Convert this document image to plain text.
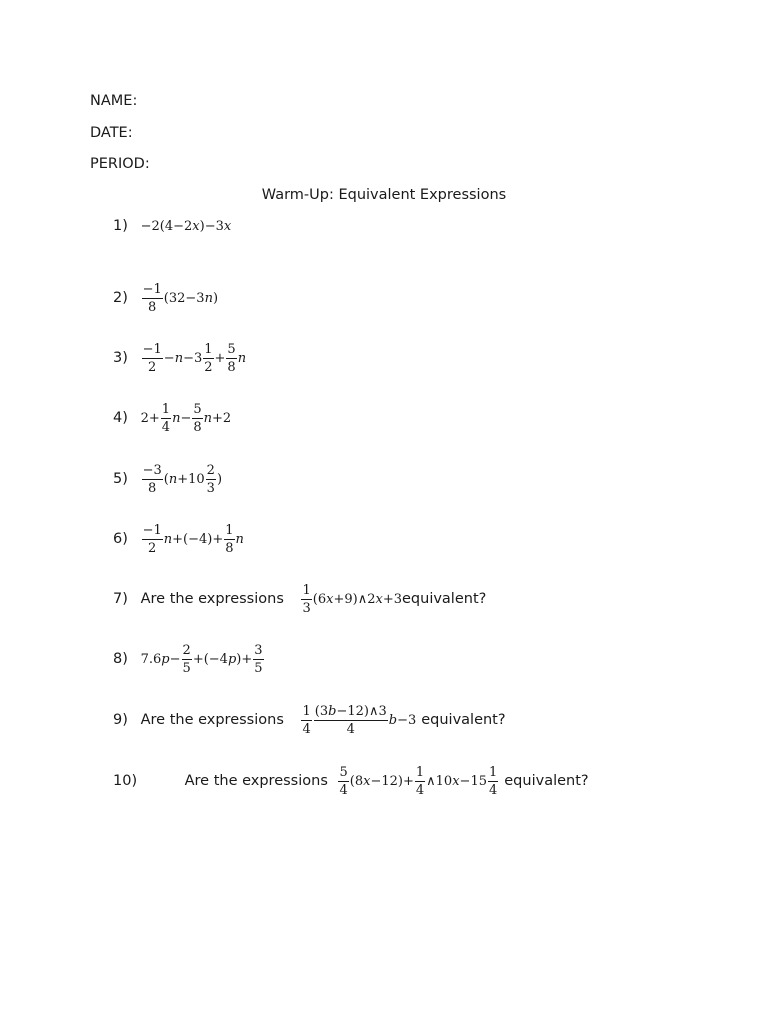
NAME:
DATE:
PERIOD:
Warm-Up: Equivalent Expressions
1) −2(4−2x)−3x
$2) \frac{-1}{8} (32-3n)$
$3) \frac{-1}{2} -n-3 \frac{1}{2} + \frac{5}{8}$ n
4) $2+ \frac{1}{4} n- \frac{5}{8} n+2$
$5) \frac{-3}{8} (n+10 \frac{2}{3}$ )
$6) \frac{-1}{2} n+(-4)+ \frac{1}{8}$ n
7) Are the expressions $\frac{1}{3}$ (6x+9)∧2x+3equivalent?
8) $7.6p- \frac{2}{5} +(-4p)+ \frac{3}{5}$
9) Are the expressions $\frac{1}{4} \frac{(3b-12)\wedge 3}{4} b-3$ equivalent?
10)	Are the expressions $\frac{5}{4} (8x-12)+ \frac{1}{4}$ ∧10x−15 $\frac{1}{4}$ equivalent?
